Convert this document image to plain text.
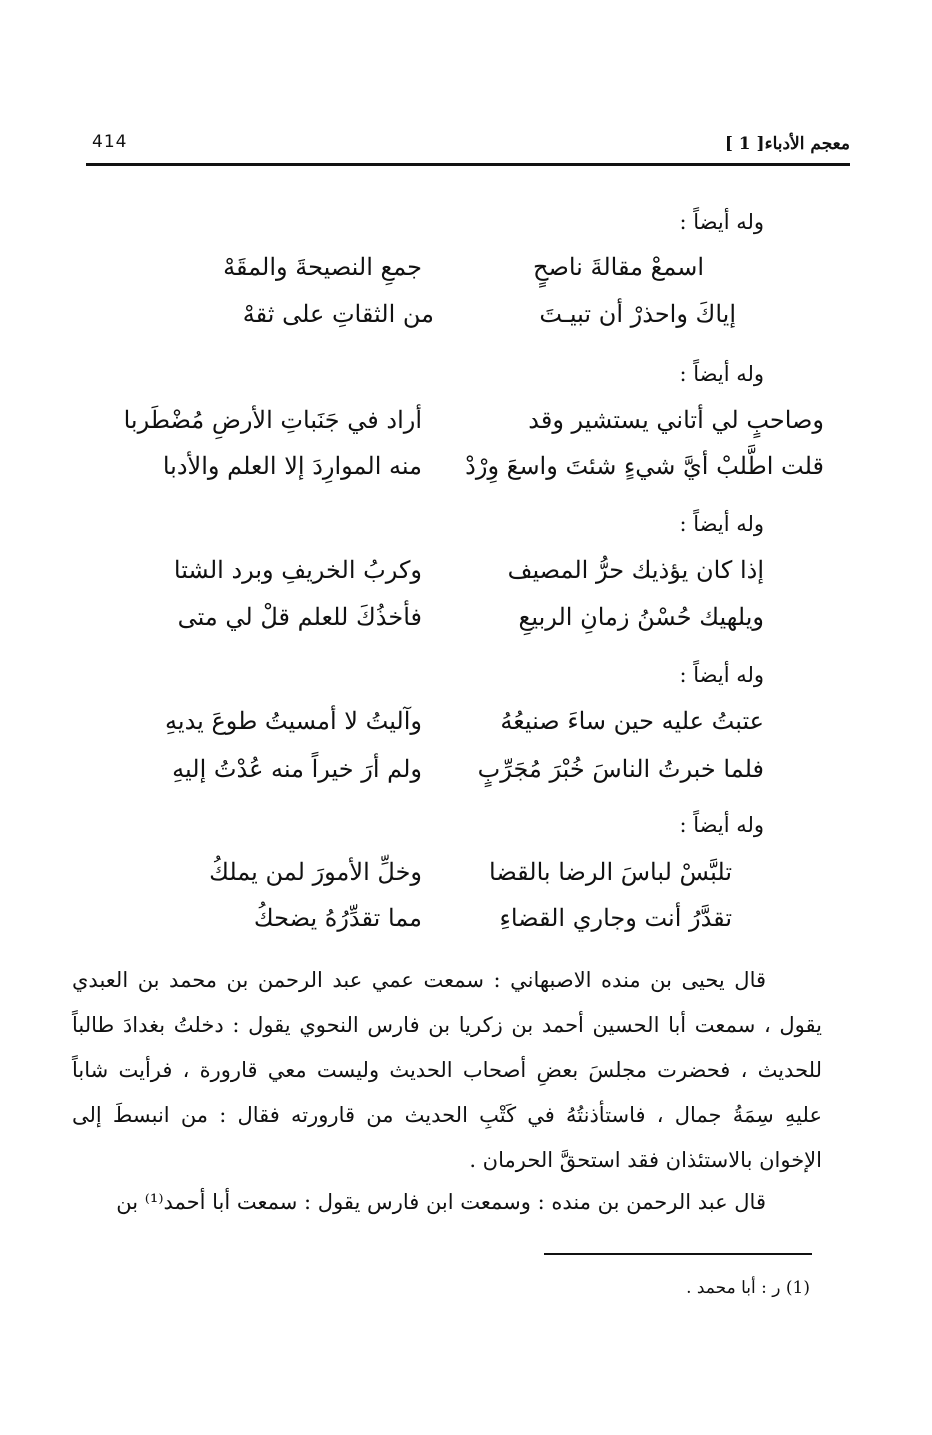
414	معجم الأدباء[ 1 ]
وله أيضاً :
اسمعْ مقالةَ ناصحٍ
جمعِ النصيحةَ والمقَهْ
إياكَ واحذرْ أن تبيـتَ
من الثقاتِ على ثقهْ
وله أيضاً :
وصاحبٍ لي أتاني يستشير وقد
أراد في جَنَباتِ الأرضِ مُضْطَربا
قلت اطَّلبْ أيَّ شيءٍ شئتَ واسعَ وِرْدْ
منه الموارِدَ إلا العلم والأدبا
وله أيضاً :
إذا كان يؤذيك حرُّ المصيف
وكربُ الخريفِ وبرد الشتا
ويلهيك حُسْنُ زمانِ الربيعِ
فأخذُكَ للعلم قلْ لي متى
وله أيضاً :
عتبتُ عليه حين ساءَ صنيعُهُ
وآليتُ لا أمسيتُ طوعَ يديهِ
فلما خبرتُ الناسَ خُبْرَ مُجَرِّبٍ
ولم أرَ خيراً منه عُدْتُ إليهِ
وله أيضاً :
تلبَّسْ لباسَ الرضا بالقضا
وخلِّ الأمورَ لمن يملكُ
تقدَّرُ أنت وجاري القضاءِ
مما تقدِّرُهُ يضحكُ
قال يحيى بن منده الاصبهاني : سمعت عمي عبد الرحمن بن محمد بن العبدي يقول ، سمعت أبا الحسين أحمد بن زكريا بن فارس النحوي يقول : دخلتُ بغدادَ طالباً للحديث ، فحضرت مجلسَ بعضِ أصحاب الحديث وليست معي قارورة ، فرأيت شاباً عليهِ سِمَةُ جمال ، فاستأذنتُهُ في كَتْبِ الحديث من قارورته فقال : من انبسطَ إلى الإخوان بالاستئذان فقد استحقَّ الحرمان .
قال عبد الرحمن بن منده : وسمعت ابن فارس يقول : سمعت أبا أحمد⁽¹⁾ بن
(1) ر : أبا محمد .
